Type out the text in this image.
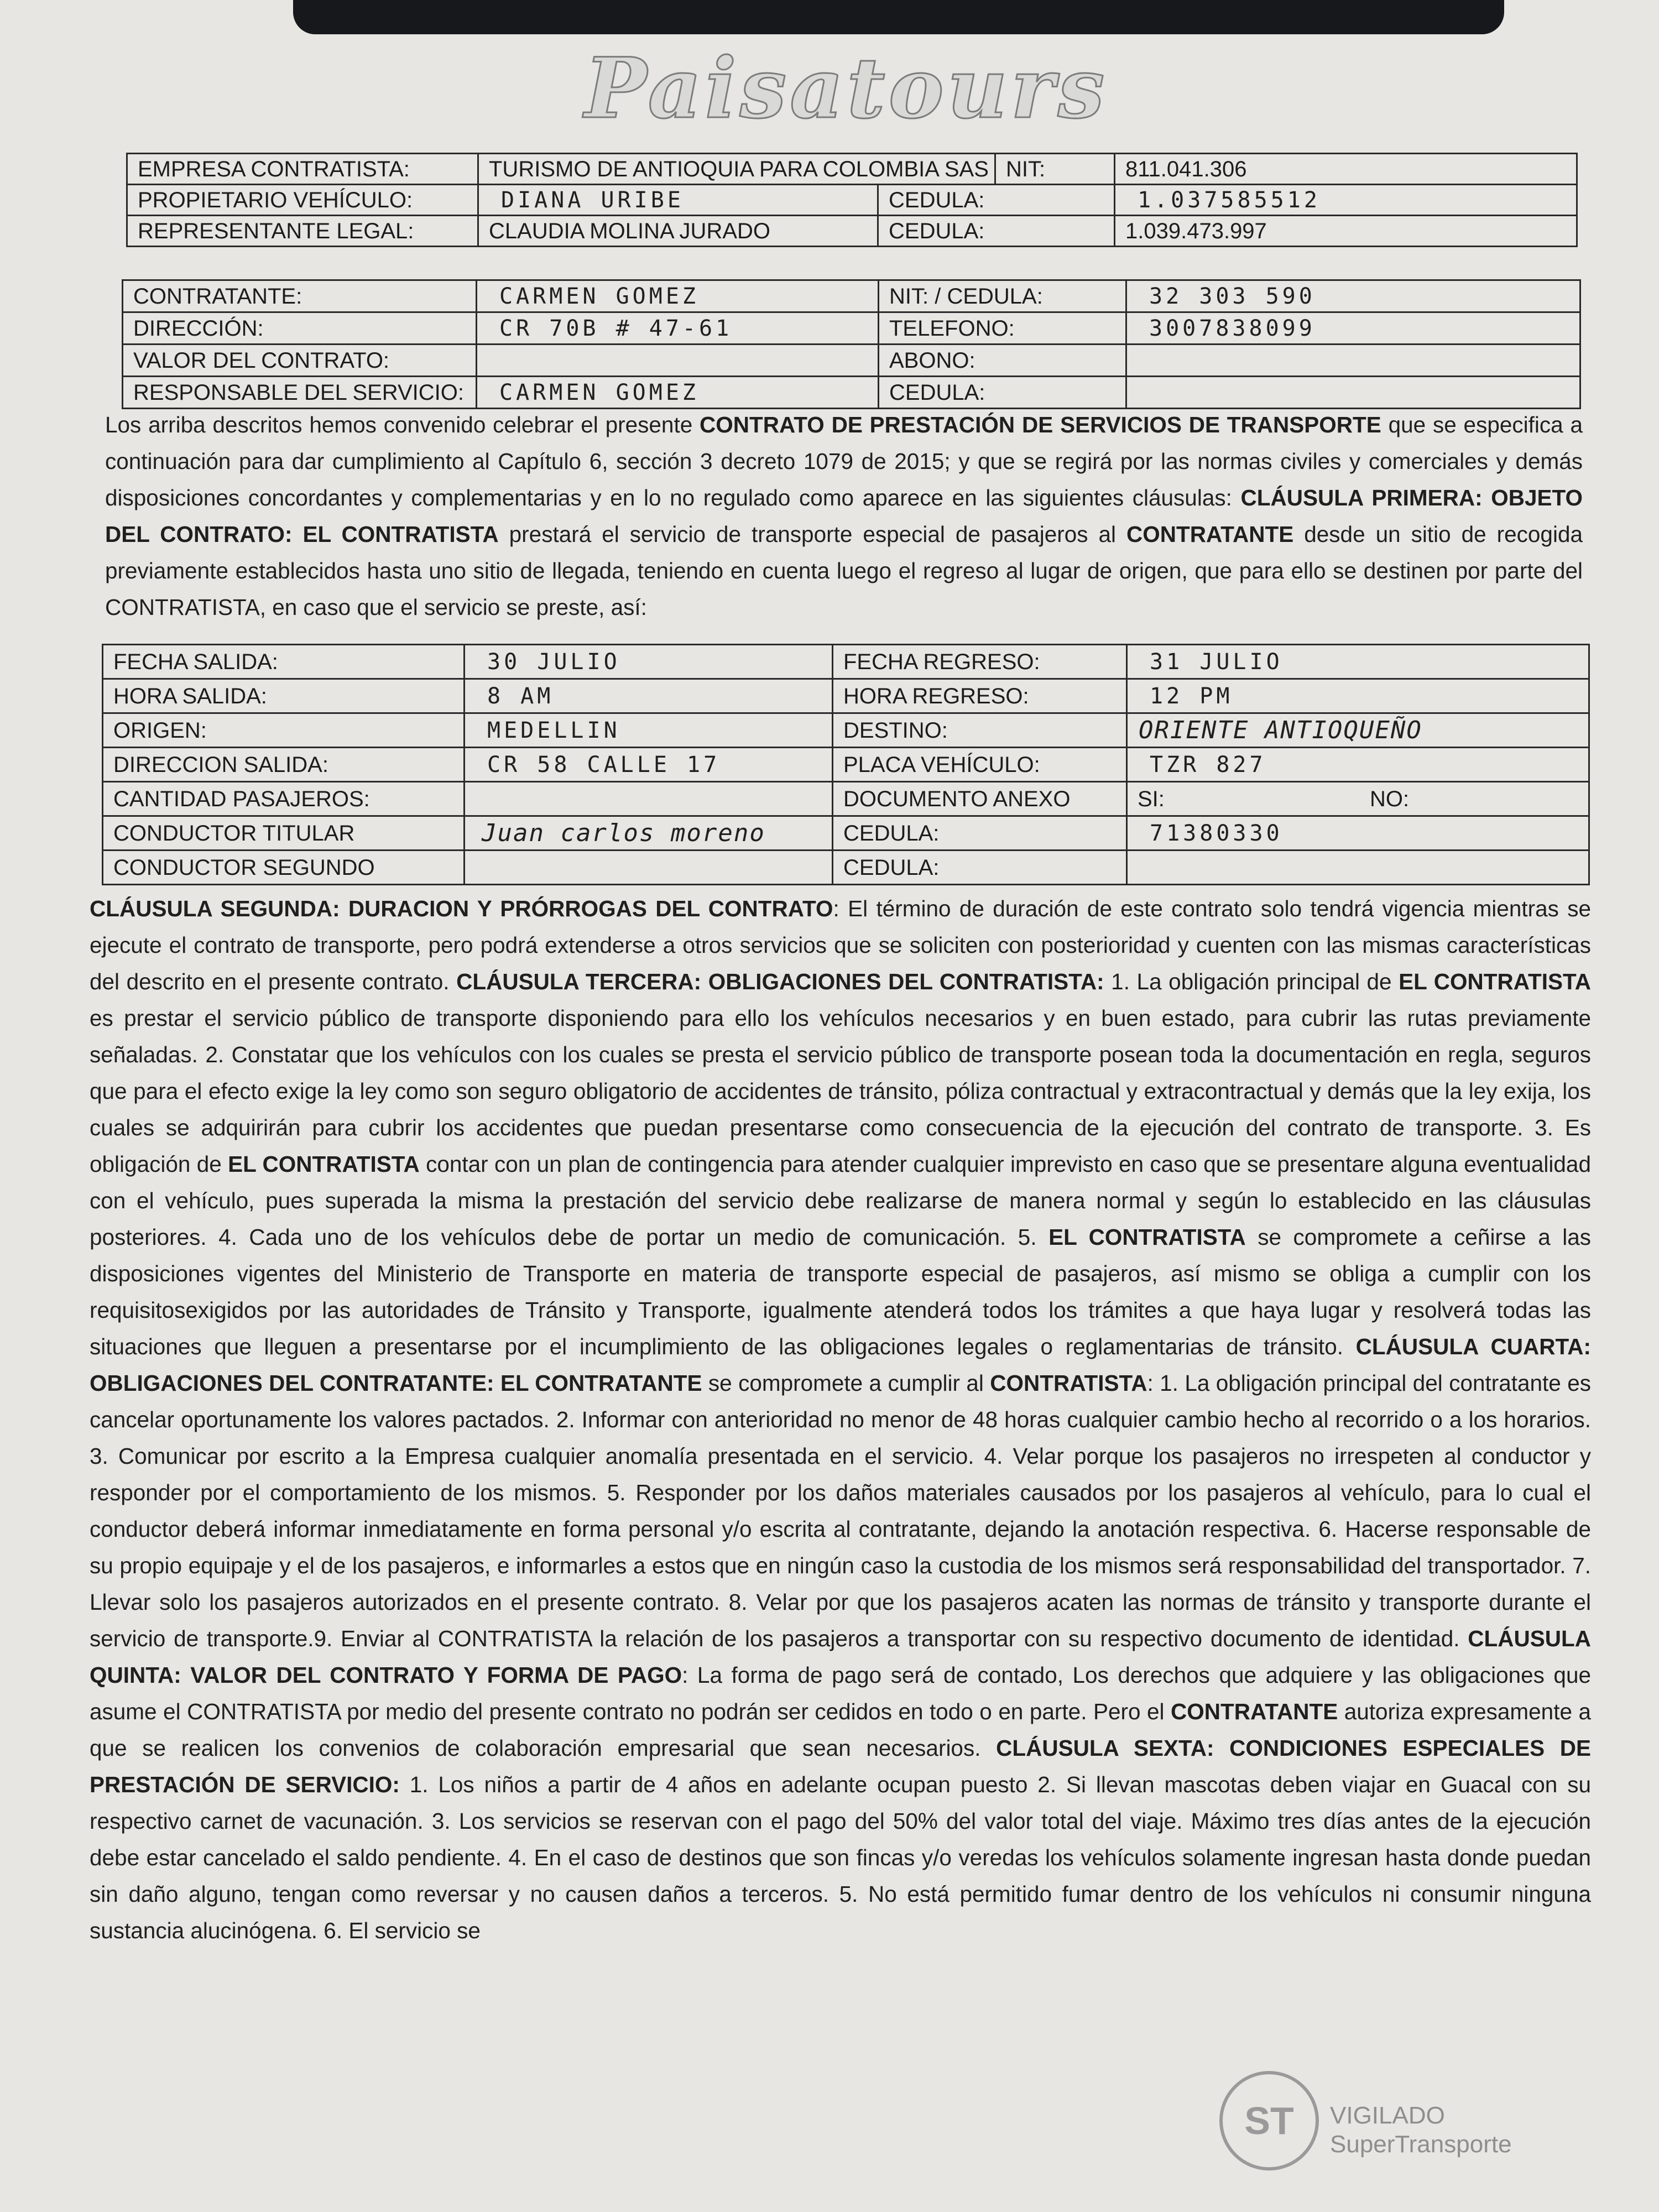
Paisatours
EMPRESA CONTRATISTA:	TURISMO DE ANTIOQUIA PARA COLOMBIA SAS		NIT:	811.041.306
PROPIETARIO VEHÍCULO:	DIANA URIBE	CEDULA:		1.037585512
REPRESENTANTE LEGAL:	CLAUDIA MOLINA JURADO	CEDULA:		1.039.473.997
CONTRATANTE:	CARMEN GOMEZ	NIT: / CEDULA:	32 303 590
DIRECCIÓN:	CR 70B # 47-61	TELEFONO:	3007838099
VALOR DEL CONTRATO:		ABONO:	
RESPONSABLE DEL SERVICIO:	CARMEN GOMEZ	CEDULA:	

Los arriba descritos hemos convenido celebrar el presente CONTRATO DE PRESTACIÓN DE SERVICIOS DE TRANSPORTE que se especifica a continuación para dar cumplimiento al Capítulo 6, sección 3 decreto 1079 de 2015; y que se regirá por las normas civiles y comerciales y demás disposiciones concordantes y complementarias y en lo no regulado como aparece en las siguientes cláusulas: CLÁUSULA PRIMERA: OBJETO DEL CONTRATO: EL CONTRATISTA prestará el servicio de transporte especial de pasajeros al CONTRATANTE desde un sitio de recogida previamente establecidos hasta uno sitio de llegada, teniendo en cuenta luego el regreso al lugar de origen, que para ello se destinen por parte del CONTRATISTA, en caso que el servicio se preste, así:

FECHA SALIDA:	30 JULIO	FECHA REGRESO:	31 JULIO
HORA SALIDA:	8 AM	HORA REGRESO:	12 PM
ORIGEN:	MEDELLIN	DESTINO:	ORIENTE ANTIOQUEÑO
DIRECCION SALIDA:	CR 58 CALLE 17	PLACA VEHÍCULO:	TZR 827
CANTIDAD PASAJEROS:		DOCUMENTO ANEXO	SI: NO:
CONDUCTOR TITULAR	Juan carlos moreno	CEDULA:	71380330
CONDUCTOR SEGUNDO		CEDULA:	

CLÁUSULA SEGUNDA: DURACION Y PRÓRROGAS DEL CONTRATO: El término de duración de este contrato solo tendrá vigencia mientras se ejecute el contrato de transporte, pero podrá extenderse a otros servicios que se soliciten con posterioridad y cuenten con las mismas características del descrito en el presente contrato. CLÁUSULA TERCERA: OBLIGACIONES DEL CONTRATISTA: 1. La obligación principal de EL CONTRATISTA es prestar el servicio público de transporte disponiendo para ello los vehículos necesarios y en buen estado, para cubrir las rutas previamente señaladas. 2. Constatar que los vehículos con los cuales se presta el servicio público de transporte posean toda la documentación en regla, seguros que para el efecto exige la ley como son seguro obligatorio de accidentes de tránsito, póliza contractual y extracontractual y demás que la ley exija, los cuales se adquirirán para cubrir los accidentes que puedan presentarse como consecuencia de la ejecución del contrato de transporte. 3. Es obligación de EL CONTRATISTA contar con un plan de contingencia para atender cualquier imprevisto en caso que se presentare alguna eventualidad con el vehículo, pues superada la misma la prestación del servicio debe realizarse de manera normal y según lo establecido en las cláusulas posteriores. 4. Cada uno de los vehículos debe de portar un medio de comunicación. 5. EL CONTRATISTA se compromete a ceñirse a las disposiciones vigentes del Ministerio de Transporte en materia de transporte especial de pasajeros, así mismo se obliga a cumplir con los requisitosexigidos por las autoridades de Tránsito y Transporte, igualmente atenderá todos los trámites a que haya lugar y resolverá todas las situaciones que lleguen a presentarse por el incumplimiento de las obligaciones legales o reglamentarias de tránsito. CLÁUSULA CUARTA: OBLIGACIONES DEL CONTRATANTE: EL CONTRATANTE se compromete a cumplir al CONTRATISTA: 1. La obligación principal del contratante es cancelar oportunamente los valores pactados. 2. Informar con anterioridad no menor de 48 horas cualquier cambio hecho al recorrido o a los horarios. 3. Comunicar por escrito a la Empresa cualquier anomalía presentada en el servicio. 4. Velar porque los pasajeros no irrespeten al conductor y responder por el comportamiento de los mismos. 5. Responder por los daños materiales causados por los pasajeros al vehículo, para lo cual el conductor deberá informar inmediatamente en forma personal y/o escrita al contratante, dejando la anotación respectiva. 6. Hacerse responsable de su propio equipaje y el de los pasajeros, e informarles a estos que en ningún caso la custodia de los mismos será responsabilidad del transportador. 7. Llevar solo los pasajeros autorizados en el presente contrato. 8. Velar por que los pasajeros acaten las normas de tránsito y transporte durante el servicio de transporte.9. Enviar al CONTRATISTA la relación de los pasajeros a transportar con su respectivo documento de identidad. CLÁUSULA QUINTA: VALOR DEL CONTRATO Y FORMA DE PAGO: La forma de pago será de contado, Los derechos que adquiere y las obligaciones que asume el CONTRATISTA por medio del presente contrato no podrán ser cedidos en todo o en parte. Pero el CONTRATANTE autoriza expresamente a que se realicen los convenios de colaboración empresarial que sean necesarios. CLÁUSULA SEXTA: CONDICIONES ESPECIALES DE PRESTACIÓN DE SERVICIO: 1. Los niños a partir de 4 años en adelante ocupan puesto 2. Si llevan mascotas deben viajar en Guacal con su respectivo carnet de vacunación. 3. Los servicios se reservan con el pago del 50% del valor total del viaje. Máximo tres días antes de la ejecución debe estar cancelado el saldo pendiente. 4. En el caso de destinos que son fincas y/o veredas los vehículos solamente ingresan hasta donde puedan sin daño alguno, tengan como reversar y no causen daños a terceros. 5. No está permitido fumar dentro de los vehículos ni consumir ninguna sustancia alucinógena. 6. El servicio se

ST	VIGILADO
SuperTransporte
